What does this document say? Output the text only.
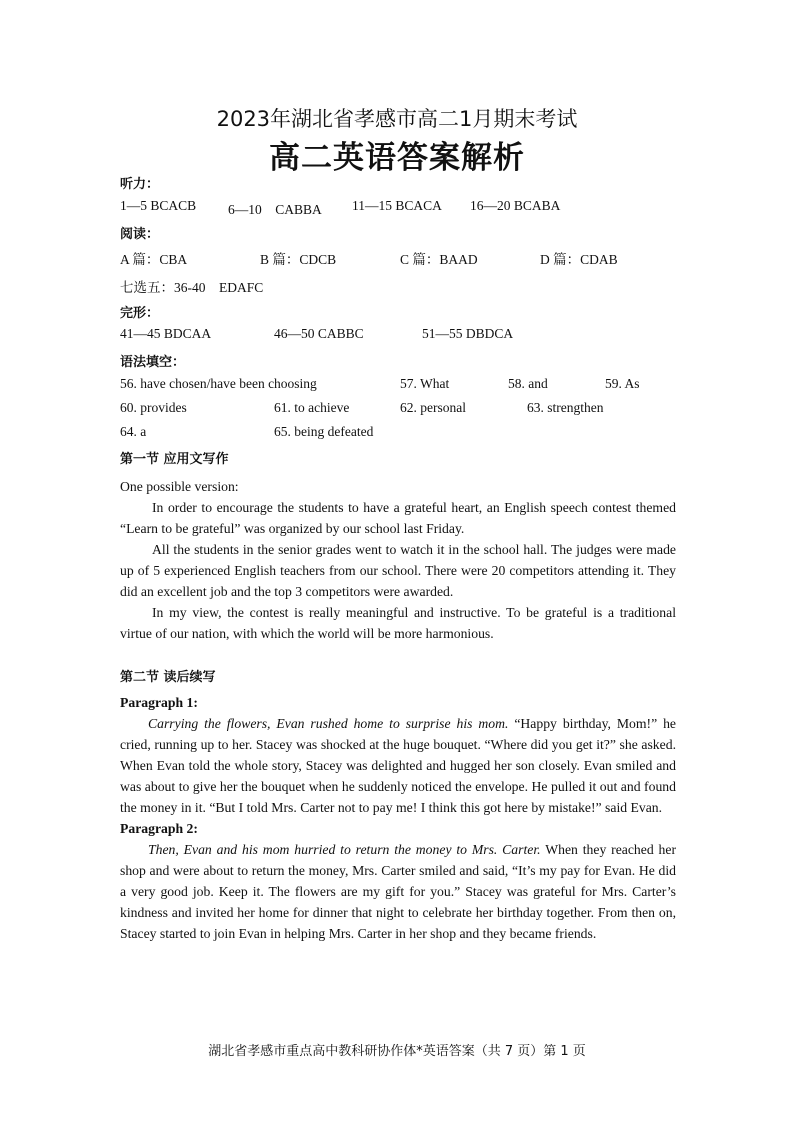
2023年湖北省孝感市高二1月期末考试
高二英语答案解析
听力：
1—5 BCACB 6—10　CABBA 11—15 BCACA 16—20 BCABA
阅读：
A 篇：CBA	B 篇：CDCB	C 篇：BAAD	D 篇：CDAB
七选五：36-40　EDAFC
完形：
41—45 BDCAA	46—50 CABBC	51—55 DBDCA
语法填空：
56. have chosen/have been choosing	57. What	58. and	59. As
60. provides	61. to achieve	62. personal	63. strengthen
64. a	65. being defeated
第一节 应用文写作

One possible version:

In order to encourage the students to have a grateful heart, an English speech contest themed “Learn to be grateful” was organized by our school last Friday.

All the students in the senior grades went to watch it in the school hall. The judges were made up of 5 experienced English teachers from our school. There were 20 competitors attending it. They did an excellent job and the top 3 competitors were awarded.

In my view, the contest is really meaningful and instructive. To be grateful is a traditional virtue of our nation, with which the world will be more harmonious.

第二节 读后续写

Paragraph 1:

Carrying the flowers, Evan rushed home to surprise his mom. “Happy birthday, Mom!” he cried, running up to her. Stacey was shocked at the huge bouquet. “Where did you get it?” she asked. When Evan told the whole story, Stacey was delighted and hugged her son closely. Evan smiled and was about to give her the bouquet when he suddenly noticed the envelope. He pulled it out and found the money in it. “But I told Mrs. Carter not to pay me! I think this got here by mistake!” said Evan.

Paragraph 2:

Then, Evan and his mom hurried to return the money to Mrs. Carter. When they reached her shop and were about to return the money, Mrs. Carter smiled and said, “It’s my pay for Evan. He did a very good job. Keep it. The flowers are my gift for you.” Stacey was grateful for Mrs. Carter’s kindness and invited her home for dinner that night to celebrate her birthday together. From then on, Stacey started to join Evan in helping Mrs. Carter in her shop and they became friends.

湖北省孝感市重点高中教科研协作体*英语答案（共 7 页）第 1 页
